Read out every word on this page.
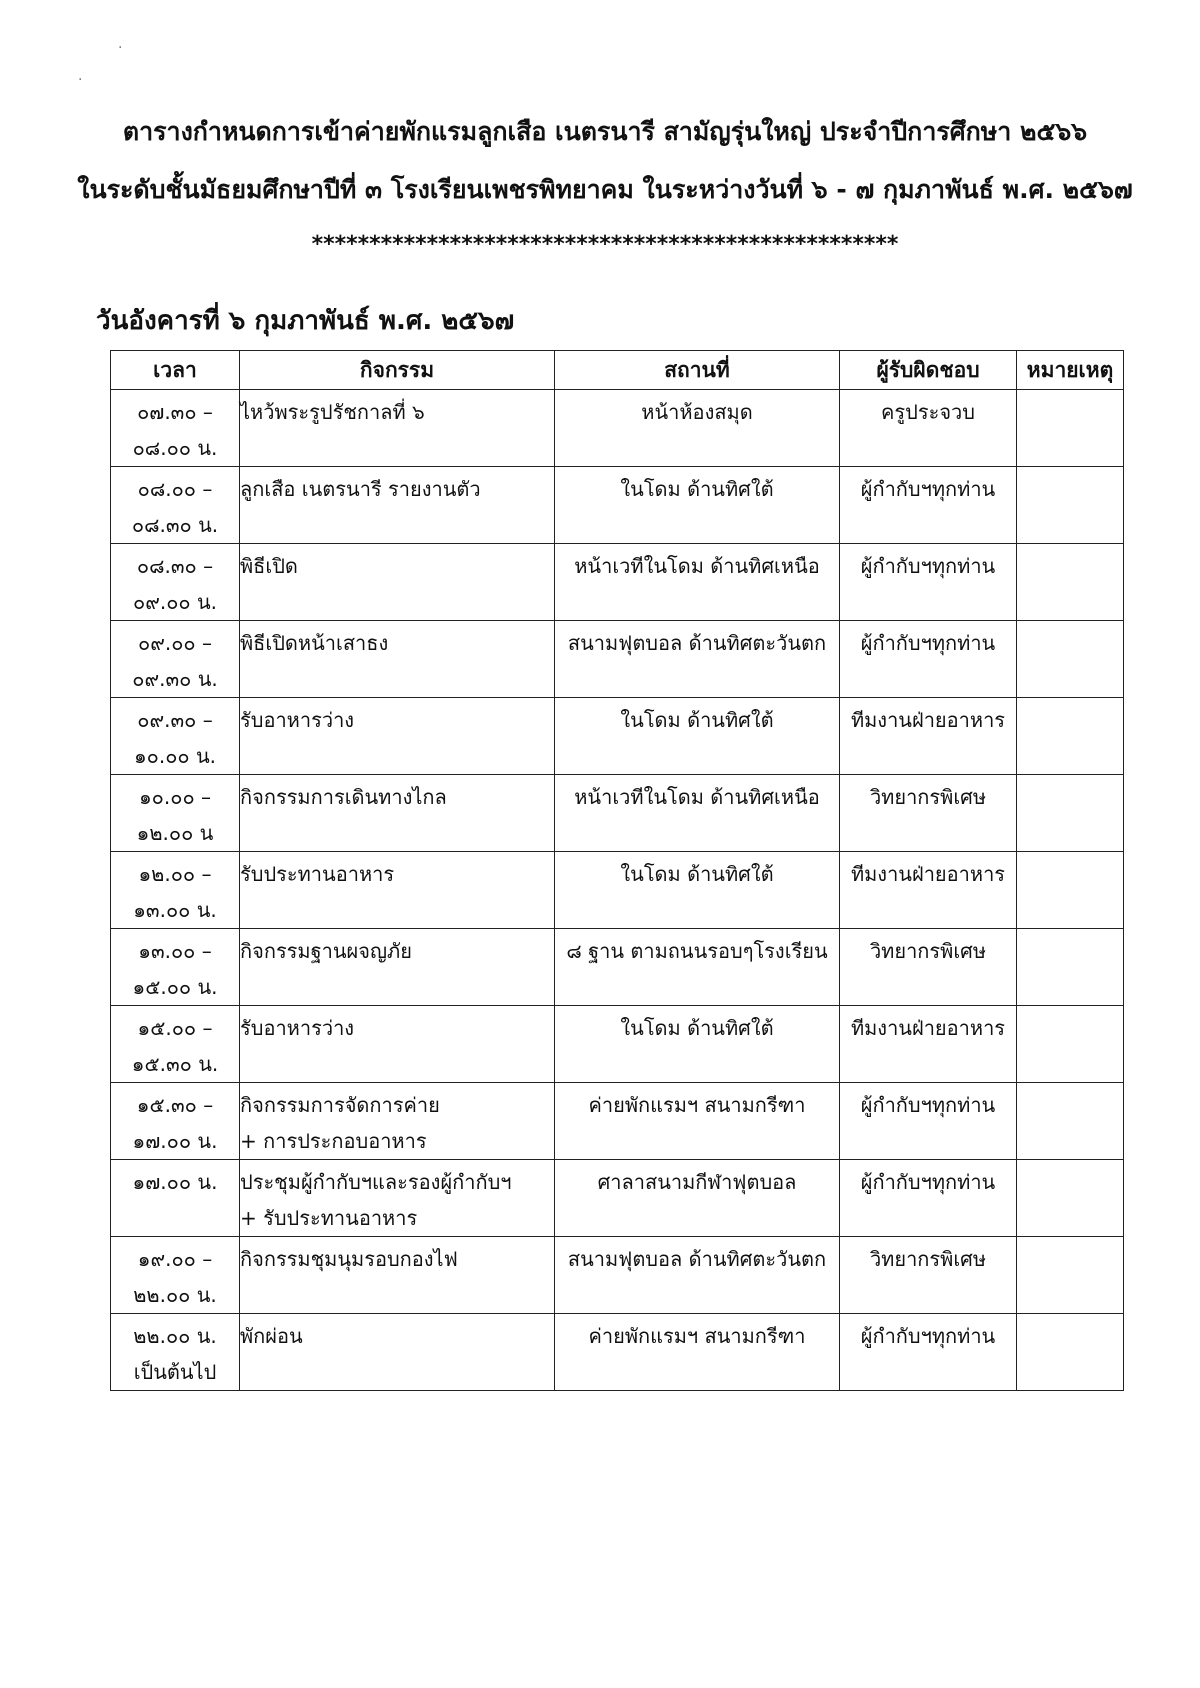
·
·
ตารางกำหนดการเข้าค่ายพักแรมลูกเสือ เนตรนารี สามัญรุ่นใหญ่ ประจำปีการศึกษา ๒๕๖๖
ในระดับชั้นมัธยมศึกษาปีที่ ๓ โรงเรียนเพชรพิทยาคม ในระหว่างวันที่ ๖ - ๗ กุมภาพันธ์ พ.ศ. ๒๕๖๗
***************************************************
วันอังคารที่ ๖ กุมภาพันธ์ พ.ศ. ๒๕๖๗
เวลา	กิจกรรม	สถานที่	ผู้รับผิดชอบ	หมายเหตุ
๐๗.๓๐ –
๐๘.๐๐ น.	ไหว้พระรูปรัชกาลที่ ๖	หน้าห้องสมุด	ครูประจวบ	
๐๘.๐๐ –
๐๘.๓๐ น.	ลูกเสือ เนตรนารี รายงานตัว	ในโดม ด้านทิศใต้	ผู้กำกับฯทุกท่าน	
๐๘.๓๐ –
๐๙.๐๐ น.	พิธีเปิด	หน้าเวทีในโดม ด้านทิศเหนือ	ผู้กำกับฯทุกท่าน	
๐๙.๐๐ –
๐๙.๓๐ น.	พิธีเปิดหน้าเสาธง	สนามฟุตบอล ด้านทิศตะวันตก	ผู้กำกับฯทุกท่าน	
๐๙.๓๐ –
๑๐.๐๐ น.	รับอาหารว่าง	ในโดม ด้านทิศใต้	ทีมงานฝ่ายอาหาร	
๑๐.๐๐ –
๑๒.๐๐ น	กิจกรรมการเดินทางไกล	หน้าเวทีในโดม ด้านทิศเหนือ	วิทยากรพิเศษ	
๑๒.๐๐ –
๑๓.๐๐ น.	รับประทานอาหาร	ในโดม ด้านทิศใต้	ทีมงานฝ่ายอาหาร	
๑๓.๐๐ –
๑๕.๐๐ น.	กิจกรรมฐานผจญภัย	๘ ฐาน ตามถนนรอบๆโรงเรียน	วิทยากรพิเศษ	
๑๕.๐๐ –
๑๕.๓๐ น.	รับอาหารว่าง	ในโดม ด้านทิศใต้	ทีมงานฝ่ายอาหาร	
๑๕.๓๐ –
๑๗.๐๐ น.	กิจกรรมการจัดการค่าย
+ การประกอบอาหาร	ค่ายพักแรมฯ สนามกรีฑา	ผู้กำกับฯทุกท่าน	
๑๗.๐๐ น.	ประชุมผู้กำกับฯและรองผู้กำกับฯ
+ รับประทานอาหาร	ศาลาสนามกีฬาฟุตบอล	ผู้กำกับฯทุกท่าน	
๑๙.๐๐ –
๒๒.๐๐ น.	กิจกรรมชุมนุมรอบกองไฟ	สนามฟุตบอล ด้านทิศตะวันตก	วิทยากรพิเศษ	
๒๒.๐๐ น.
เป็นต้นไป	พักผ่อน	ค่ายพักแรมฯ สนามกรีฑา	ผู้กำกับฯทุกท่าน	
